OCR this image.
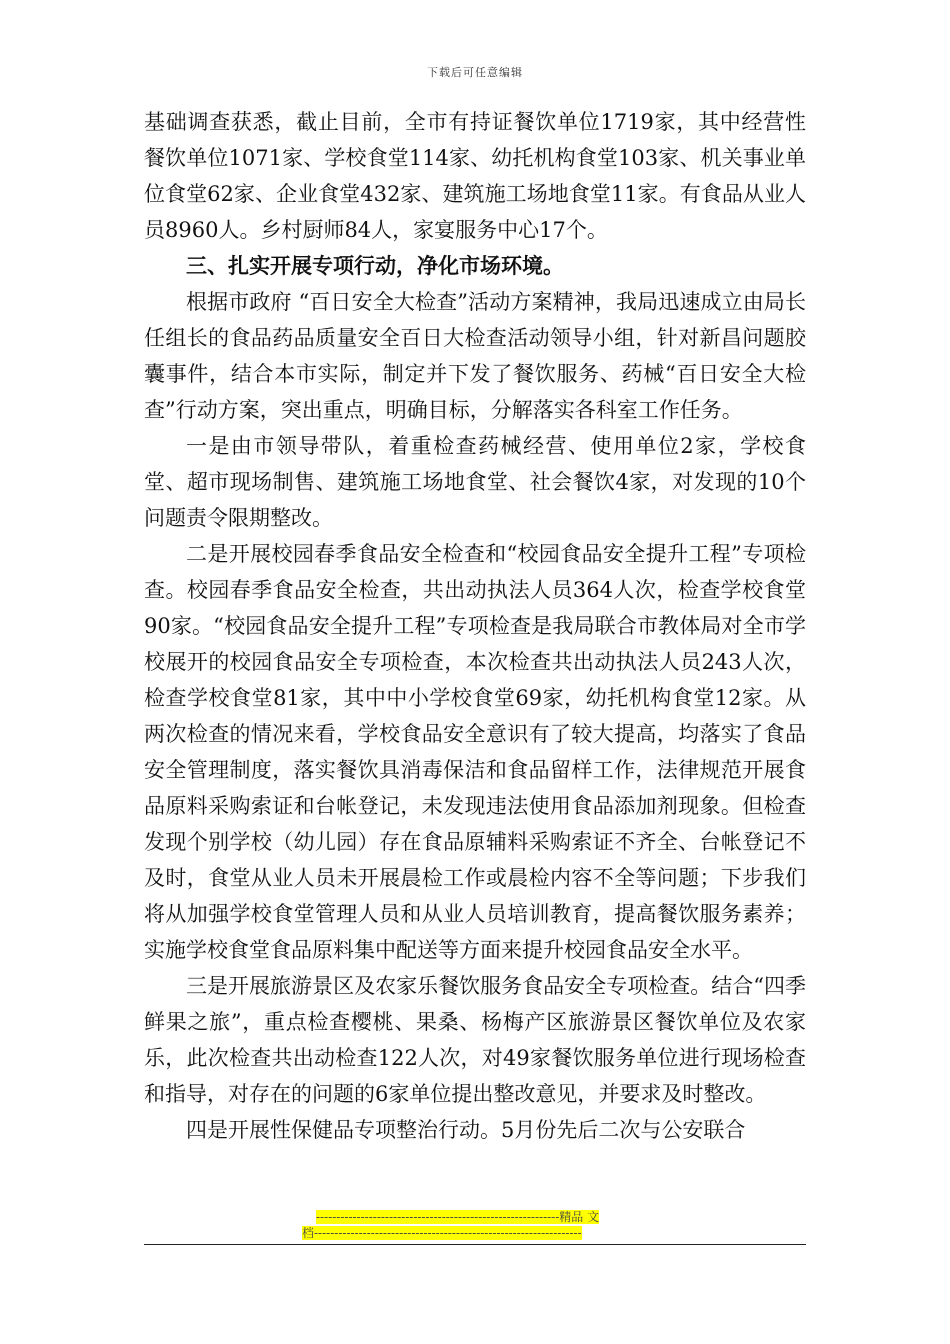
下载后可任意编辑

基础调查获悉，截止目前，全市有持证餐饮单位1719家，其中经营性餐饮单位1071家、学校食堂114家、幼托机构食堂103家、机关事业单位食堂62家、企业食堂432家、建筑施工场地食堂11家。有食品从业人员8960人。乡村厨师84人，家宴服务中心17个。

三、扎实开展专项行动，净化市场环境。

根据市政府 “百日安全大检查”活动方案精神，我局迅速成立由局长任组长的食品药品质量安全百日大检查活动领导小组，针对新昌问题胶囊事件，结合本市实际，制定并下发了餐饮服务、药械“百日安全大检查”行动方案，突出重点，明确目标，分解落实各科室工作任务。

一是由市领导带队，着重检查药械经营、使用单位2家，学校食堂、超市现场制售、建筑施工场地食堂、社会餐饮4家，对发现的10个问题责令限期整改。

二是开展校园春季食品安全检查和“校园食品安全提升工程”专项检查。校园春季食品安全检查，共出动执法人员364人次，检查学校食堂90家。“校园食品安全提升工程”专项检查是我局联合市教体局对全市学校展开的校园食品安全专项检查，本次检查共出动执法人员243人次，检查学校食堂81家，其中中小学校食堂69家，幼托机构食堂12家。从两次检查的情况来看，学校食品安全意识有了较大提高，均落实了食品安全管理制度，落实餐饮具消毒保洁和食品留样工作，法律规范开展食品原料采购索证和台帐登记，未发现违法使用食品添加剂现象。但检查发现个别学校（幼儿园）存在食品原辅料采购索证不齐全、台帐登记不及时，食堂从业人员未开展晨检工作或晨检内容不全等问题；下步我们将从加强学校食堂管理人员和从业人员培训教育，提高餐饮服务素养；实施学校食堂食品原料集中配送等方面来提升校园食品安全水平。

三是开展旅游景区及农家乐餐饮服务食品安全专项检查。结合“四季鲜果之旅”，重点检查樱桃、果桑、杨梅产区旅游景区餐饮单位及农家乐，此次检查共出动检查122人次，对49家餐饮服务单位进行现场检查和指导，对存在的问题的6家单位提出整改意见，并要求及时整改。

四是开展性保健品专项整治行动。5月份先后二次与公安联合

------------------------------------------------------------精品 文
档------------------------------------------------------------------
